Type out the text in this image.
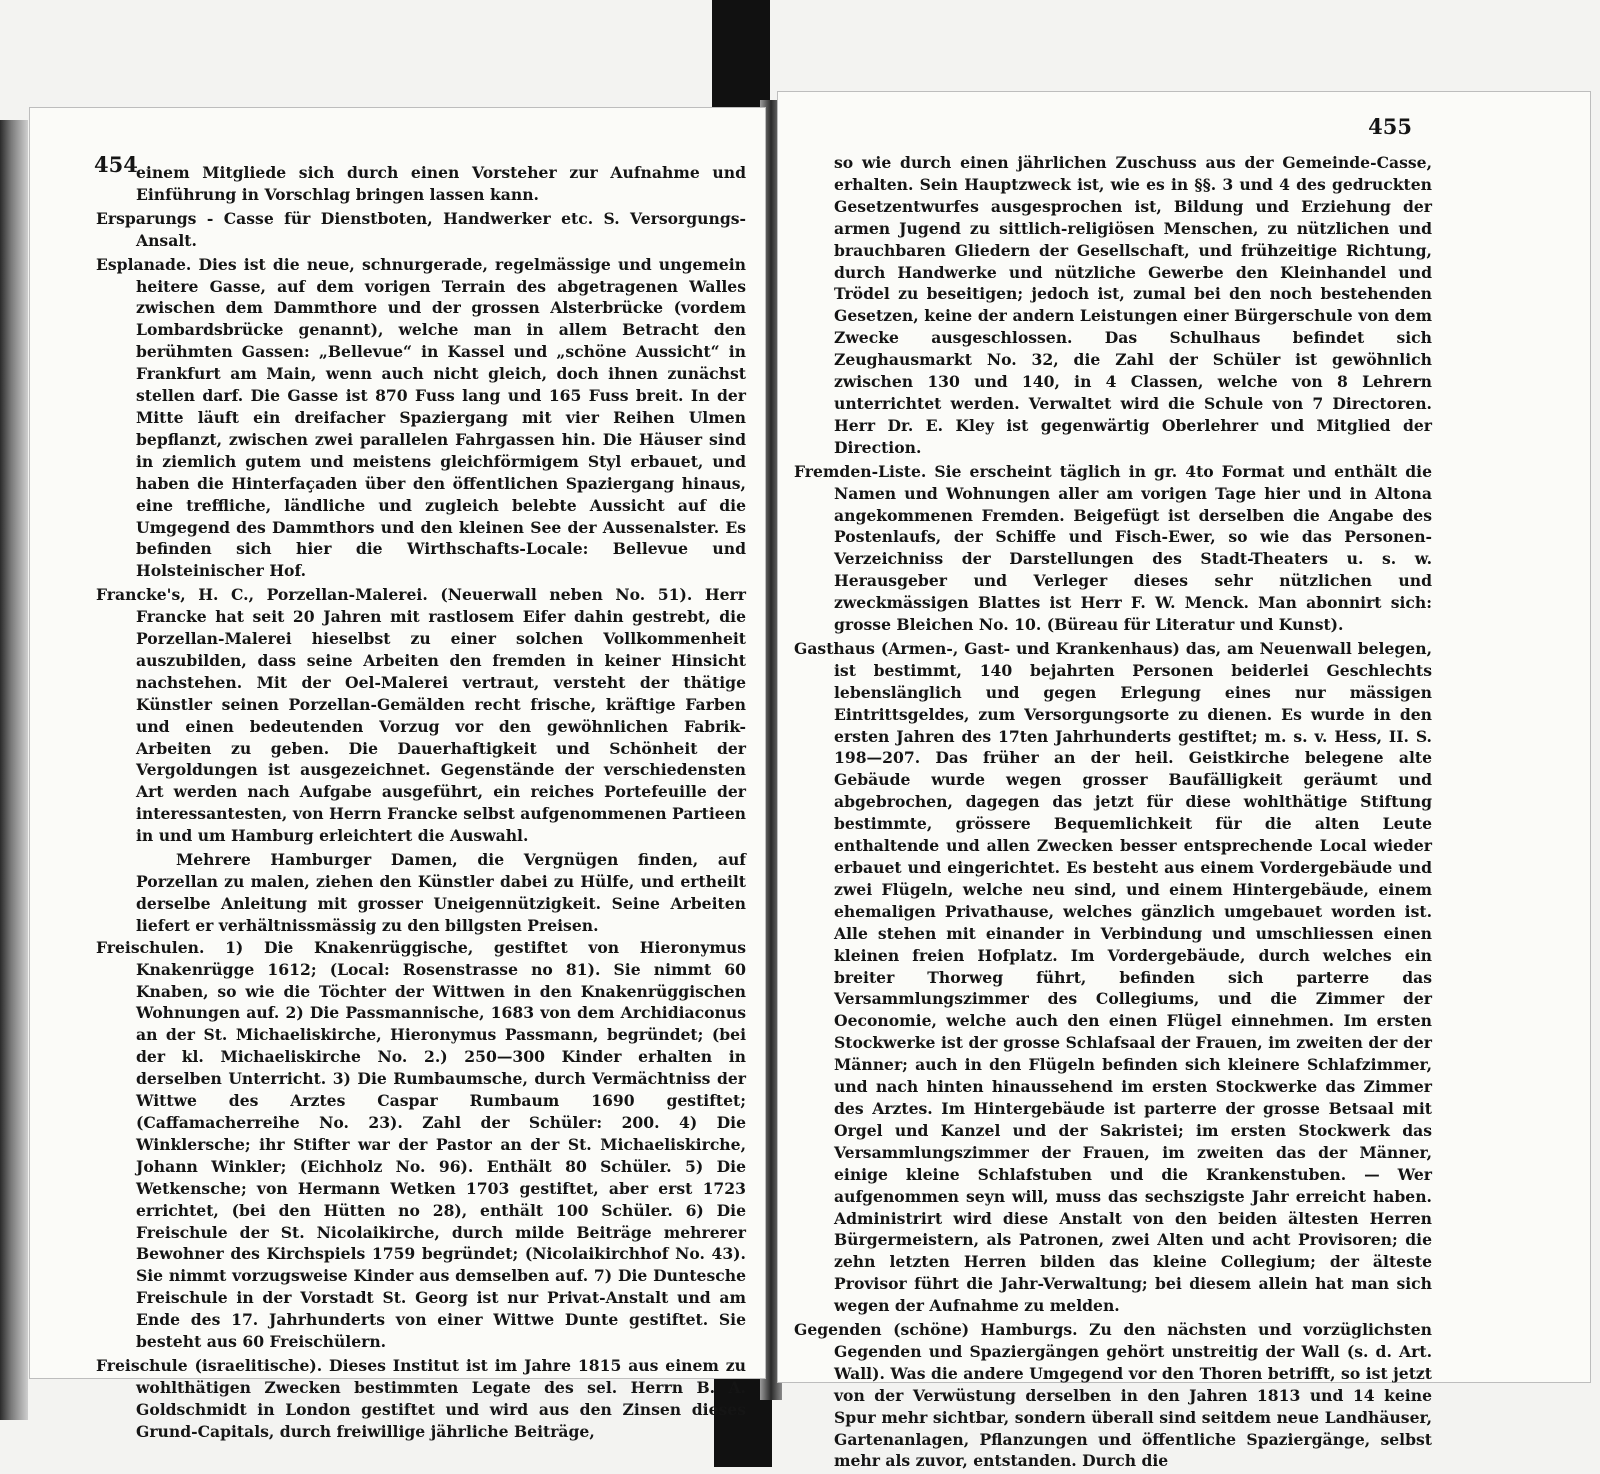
454

einem Mitgliede sich durch einen Vorsteher zur Aufnahme und Einführung in Vorschlag bringen lassen kann.

Ersparungs - Casse für Dienstboten, Handwerker etc. S. Versorgungs-Ansalt.

Esplanade. Dies ist die neue, schnurgerade, regelmässige und ungemein heitere Gasse, auf dem vorigen Terrain des abgetragenen Walles zwischen dem Dammthore und der grossen Alsterbrücke (vordem Lombardsbrücke genannt), welche man in allem Betracht den berühmten Gassen: „Bellevue“ in Kassel und „schöne Aussicht“ in Frankfurt am Main, wenn auch nicht gleich, doch ihnen zunächst stellen darf. Die Gasse ist 870 Fuss lang und 165 Fuss breit. In der Mitte läuft ein dreifacher Spaziergang mit vier Reihen Ulmen bepflanzt, zwischen zwei parallelen Fahrgassen hin. Die Häuser sind in ziemlich gutem und meistens gleichförmigem Styl erbauet, und haben die Hinterfaçaden über den öffentlichen Spaziergang hinaus, eine treffliche, ländliche und zugleich belebte Aussicht auf die Umgegend des Dammthors und den kleinen See der Aussenalster. Es befinden sich hier die Wirthschafts-Locale: Bellevue und Holsteinischer Hof.

Francke's, H. C., Porzellan-Malerei. (Neuerwall neben No. 51). Herr Francke hat seit 20 Jahren mit rastlosem Eifer dahin gestrebt, die Porzellan-Malerei hieselbst zu einer solchen Vollkommenheit auszubilden, dass seine Arbeiten den fremden in keiner Hinsicht nachstehen. Mit der Oel-Malerei vertraut, versteht der thätige Künstler seinen Porzellan-Gemälden recht frische, kräftige Farben und einen bedeutenden Vorzug vor den gewöhnlichen Fabrik-Arbeiten zu geben. Die Dauerhaftigkeit und Schönheit der Vergoldungen ist ausgezeichnet. Gegenstände der verschiedensten Art werden nach Aufgabe ausgeführt, ein reiches Portefeuille der interessantesten, von Herrn Francke selbst aufgenommenen Partieen in und um Hamburg erleichtert die Auswahl.

Mehrere Hamburger Damen, die Vergnügen finden, auf Porzellan zu malen, ziehen den Künstler dabei zu Hülfe, und ertheilt derselbe Anleitung mit grosser Uneigennützigkeit. Seine Arbeiten liefert er verhältnissmässig zu den billgsten Preisen.

Freischulen. 1) Die Knakenrüggische, gestiftet von Hieronymus Knakenrügge 1612; (Local: Rosenstrasse no 81). Sie nimmt 60 Knaben, so wie die Töchter der Wittwen in den Knakenrüggischen Wohnungen auf. 2) Die Passmannische, 1683 von dem Archidiaconus an der St. Michaeliskirche, Hieronymus Passmann, begründet; (bei der kl. Michaeliskirche No. 2.) 250—300 Kinder erhalten in derselben Unterricht. 3) Die Rumbaumsche, durch Vermächtniss der Wittwe des Arztes Caspar Rumbaum 1690 gestiftet; (Caffamacherreihe No. 23). Zahl der Schüler: 200. 4) Die Winklersche; ihr Stifter war der Pastor an der St. Michaeliskirche, Johann Winkler; (Eichholz No. 96). Enthält 80 Schüler. 5) Die Wetkensche; von Hermann Wetken 1703 gestiftet, aber erst 1723 errichtet, (bei den Hütten no 28), enthält 100 Schüler. 6) Die Freischule der St. Nicolaikirche, durch milde Beiträge mehrerer Bewohner des Kirchspiels 1759 begründet; (Nicolaikirchhof No. 43). Sie nimmt vorzugsweise Kinder aus demselben auf. 7) Die Duntesche Freischule in der Vorstadt St. Georg ist nur Privat-Anstalt und am Ende des 17. Jahrhunderts von einer Wittwe Dunte gestiftet. Sie besteht aus 60 Freischülern.

Freischule (israelitische). Dieses Institut ist im Jahre 1815 aus einem zu wohlthätigen Zwecken bestimmten Legate des sel. Herrn B. A. Goldschmidt in London gestiftet und wird aus den Zinsen dieses Grund-Capitals, durch freiwillige jährliche Beiträge,

455

so wie durch einen jährlichen Zuschuss aus der Gemeinde-Casse, erhalten. Sein Hauptzweck ist, wie es in §§. 3 und 4 des gedruckten Gesetzentwurfes ausgesprochen ist, Bildung und Erziehung der armen Jugend zu sittlich-religiösen Menschen, zu nützlichen und brauchbaren Gliedern der Gesellschaft, und frühzeitige Richtung, durch Handwerke und nützliche Gewerbe den Kleinhandel und Trödel zu beseitigen; jedoch ist, zumal bei den noch bestehenden Gesetzen, keine der andern Leistungen einer Bürgerschule von dem Zwecke ausgeschlossen. Das Schulhaus befindet sich Zeughausmarkt No. 32, die Zahl der Schüler ist gewöhnlich zwischen 130 und 140, in 4 Classen, welche von 8 Lehrern unterrichtet werden. Verwaltet wird die Schule von 7 Directoren. Herr Dr. E. Kley ist gegenwärtig Oberlehrer und Mitglied der Direction.

Fremden-Liste. Sie erscheint täglich in gr. 4to Format und enthält die Namen und Wohnungen aller am vorigen Tage hier und in Altona angekommenen Fremden. Beigefügt ist derselben die Angabe des Postenlaufs, der Schiffe und Fisch-Ewer, so wie das Personen-Verzeichniss der Darstellungen des Stadt-Theaters u. s. w. Herausgeber und Verleger dieses sehr nützlichen und zweckmässigen Blattes ist Herr F. W. Menck. Man abonnirt sich: grosse Bleichen No. 10. (Büreau für Literatur und Kunst).

Gasthaus (Armen-, Gast- und Krankenhaus) das, am Neuenwall belegen, ist bestimmt, 140 bejahrten Personen beiderlei Geschlechts lebenslänglich und gegen Erlegung eines nur mässigen Eintrittsgeldes, zum Versorgungsorte zu dienen. Es wurde in den ersten Jahren des 17ten Jahrhunderts gestiftet; m. s. v. Hess, II. S. 198—207. Das früher an der heil. Geistkirche belegene alte Gebäude wurde wegen grosser Baufälligkeit geräumt und abgebrochen, dagegen das jetzt für diese wohlthätige Stiftung bestimmte, grössere Bequemlichkeit für die alten Leute enthaltende und allen Zwecken besser entsprechende Local wieder erbauet und eingerichtet. Es besteht aus einem Vordergebäude und zwei Flügeln, welche neu sind, und einem Hintergebäude, einem ehemaligen Privathause, welches gänzlich umgebauet worden ist. Alle stehen mit einander in Verbindung und umschliessen einen kleinen freien Hofplatz. Im Vordergebäude, durch welches ein breiter Thorweg führt, befinden sich parterre das Versammlungszimmer des Collegiums, und die Zimmer der Oeconomie, welche auch den einen Flügel einnehmen. Im ersten Stockwerke ist der grosse Schlafsaal der Frauen, im zweiten der der Männer; auch in den Flügeln befinden sich kleinere Schlafzimmer, und nach hinten hinaussehend im ersten Stockwerke das Zimmer des Arztes. Im Hintergebäude ist parterre der grosse Betsaal mit Orgel und Kanzel und der Sakristei; im ersten Stockwerk das Versammlungszimmer der Frauen, im zweiten das der Männer, einige kleine Schlafstuben und die Krankenstuben. — Wer aufgenommen seyn will, muss das sechszigste Jahr erreicht haben. Administrirt wird diese Anstalt von den beiden ältesten Herren Bürgermeistern, als Patronen, zwei Alten und acht Provisoren; die zehn letzten Herren bilden das kleine Collegium; der älteste Provisor führt die Jahr-Verwaltung; bei diesem allein hat man sich wegen der Aufnahme zu melden.

Gegenden (schöne) Hamburgs. Zu den nächsten und vorzüglichsten Gegenden und Spaziergängen gehört unstreitig der Wall (s. d. Art. Wall). Was die andere Umgegend vor den Thoren betrifft, so ist jetzt von der Verwüstung derselben in den Jahren 1813 und 14 keine Spur mehr sichtbar, sondern überall sind seitdem neue Landhäuser, Gartenanlagen, Pflanzungen und öffentliche Spaziergänge, selbst mehr als zuvor, entstanden. Durch die
